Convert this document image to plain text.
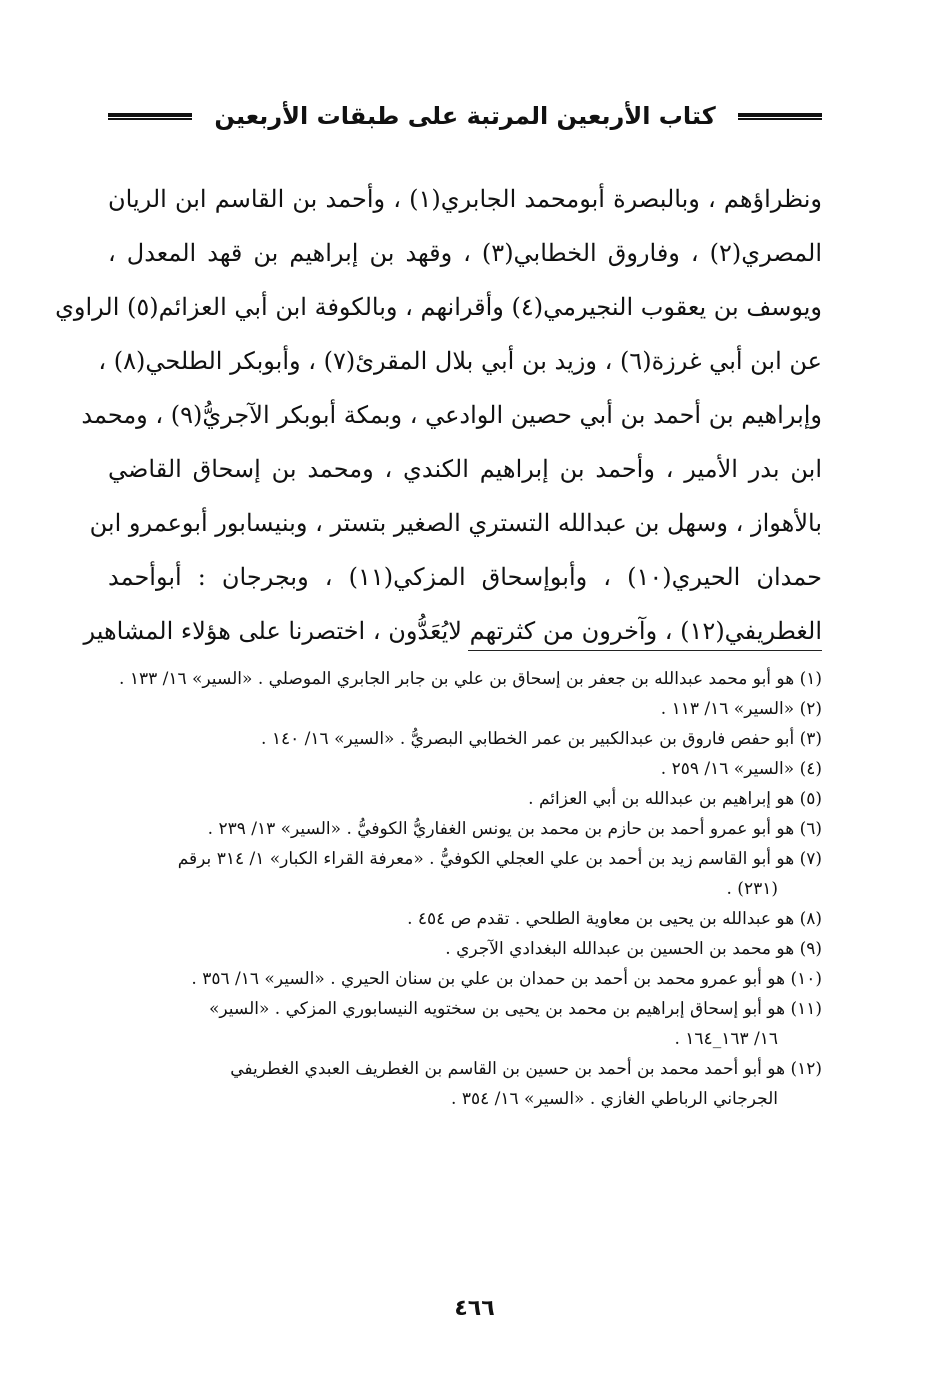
كتاب الأربعين المرتبة على طبقات الأربعين
ونظراؤهم ، وبالبصرة أبومحمد الجابري(١) ، وأحمد بن القاسم ابن الريان
المصري(٢) ، وفاروق الخطابي(٣) ، وقهد بن إبراهيم بن قهد المعدل ،
ويوسف بن يعقوب النجيرمي(٤) وأقرانهم ، وبالكوفة ابن أبي العزائم(٥) الراوي
عن ابن أبي غرزة(٦) ، وزيد بن أبي بلال المقرئ(٧) ، وأبوبكر الطلحي(٨) ،
وإبراهيم بن أحمد بن أبي حصين الوادعي ، وبمكة أبوبكر الآجريُّ(٩) ، ومحمد
ابن بدر الأمير ، وأحمد بن إبراهيم الكندي ، ومحمد بن إسحاق القاضي
بالأهواز ، وسهل بن عبدالله التستري الصغير بتستر ، وبنيسابور أبوعمرو ابن
حمدان الحيري(١٠) ، وأبوإسحاق المزكي(١١) ، وبجرجان : أبوأحمد
الغطريفي(١٢) ، وآخرون من كثرتهم لايُعَدُّون ، اختصرنا على هؤلاء المشاهير
(١) هو أبو محمد عبدالله بن جعفر بن إسحاق بن علي بن جابر الجابري الموصلي . «السير» ١٦/ ١٣٣ .
(٢) «السير» ١٦/ ١١٣ .
(٣) أبو حفص فاروق بن عبدالكبير بن عمر الخطابي البصريُّ . «السير» ١٦/ ١٤٠ .
(٤) «السير» ١٦/ ٢٥٩ .
(٥) هو إبراهيم بن عبدالله بن أبي العزائم .
(٦) هو أبو عمرو أحمد بن حازم بن محمد بن يونس الغفاريُّ الكوفيُّ . «السير» ١٣/ ٢٣٩ .
(٧) هو أبو القاسم زيد بن أحمد بن علي العجلي الكوفيُّ . «معرفة القراء الكبار» ١/ ٣١٤ برقم
(٢٣١) .
(٨) هو عبدالله بن يحيى بن معاوية الطلحي . تقدم ص ٤٥٤ .
(٩) هو محمد بن الحسين بن عبدالله البغدادي الآجري .
(١٠) هو أبو عمرو محمد بن أحمد بن حمدان بن علي بن سنان الحيري . «السير» ١٦/ ٣٥٦ .
(١١) هو أبو إسحاق إبراهيم بن محمد بن يحيى بن سختويه النيسابوري المزكي . «السير»
١٦/ ١٦٣_١٦٤ .
(١٢) هو أبو أحمد محمد بن أحمد بن حسين بن القاسم بن الغطريف العبدي الغطريفي
الجرجاني الرباطي الغازي . «السير» ١٦/ ٣٥٤ .
٤٦٦
